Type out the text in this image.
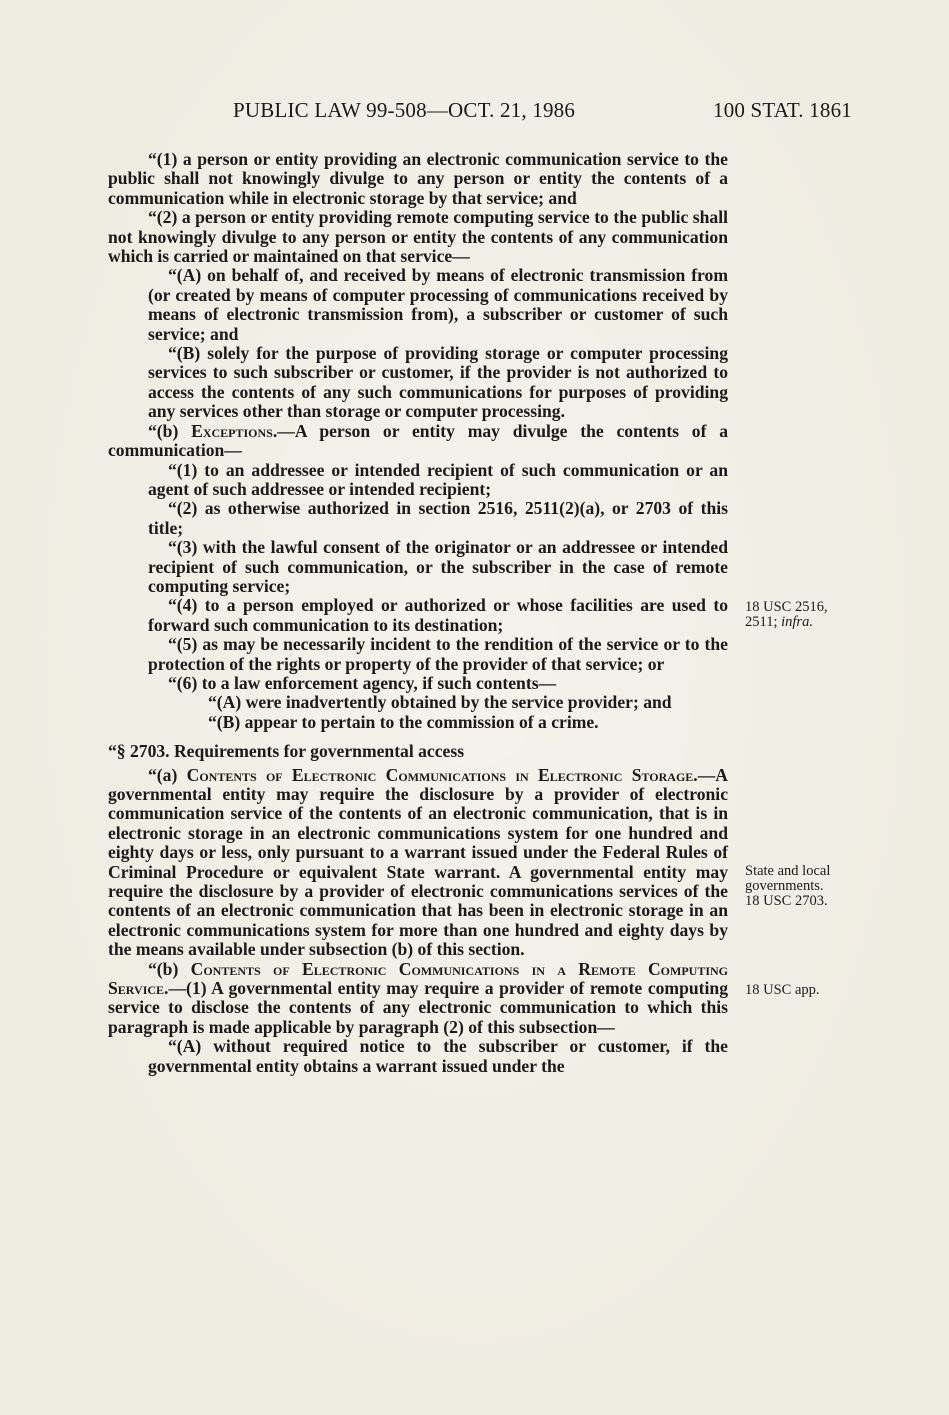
PUBLIC LAW 99-508—OCT. 21, 1986	100 STAT. 1861

“(1) a person or entity providing an electronic communication service to the public shall not knowingly divulge to any person or entity the contents of a communication while in electronic storage by that service; and

“(2) a person or entity providing remote computing service to the public shall not knowingly divulge to any person or entity the contents of any communication which is carried or maintained on that service—

“(A) on behalf of, and received by means of electronic transmission from (or created by means of computer processing of communications received by means of electronic transmission from), a subscriber or customer of such service; and

“(B) solely for the purpose of providing storage or computer processing services to such subscriber or customer, if the provider is not authorized to access the contents of any such communications for purposes of providing any services other than storage or computer processing.

“(b) Exceptions.—A person or entity may divulge the contents of a communication—

“(1) to an addressee or intended recipient of such communication or an agent of such addressee or intended recipient;

“(2) as otherwise authorized in section 2516, 2511(2)(a), or 2703 of this title;

“(3) with the lawful consent of the originator or an addressee or intended recipient of such communication, or the subscriber in the case of remote computing service;

“(4) to a person employed or authorized or whose facilities are used to forward such communication to its destination;

“(5) as may be necessarily incident to the rendition of the service or to the protection of the rights or property of the provider of that service; or

“(6) to a law enforcement agency, if such contents—

“(A) were inadvertently obtained by the service provider; and

“(B) appear to pertain to the commission of a crime.

“§ 2703. Requirements for governmental access

“(a) Contents of Electronic Communications in Electronic Storage.—A governmental entity may require the disclosure by a provider of electronic communication service of the contents of an electronic communication, that is in electronic storage in an electronic communications system for one hundred and eighty days or less, only pursuant to a warrant issued under the Federal Rules of Criminal Procedure or equivalent State warrant. A governmental entity may require the disclosure by a provider of electronic communications services of the contents of an electronic communication that has been in electronic storage in an electronic communications system for more than one hundred and eighty days by the means available under subsection (b) of this section.

“(b) Contents of Electronic Communications in a Remote Computing Service.—(1) A governmental entity may require a provider of remote computing service to disclose the contents of any electronic communication to which this paragraph is made applicable by paragraph (2) of this subsection—

“(A) without required notice to the subscriber or customer, if the governmental entity obtains a warrant issued under the

18 USC 2516,
2511; infra.
State and local
governments.
18 USC 2703.
18 USC app.
